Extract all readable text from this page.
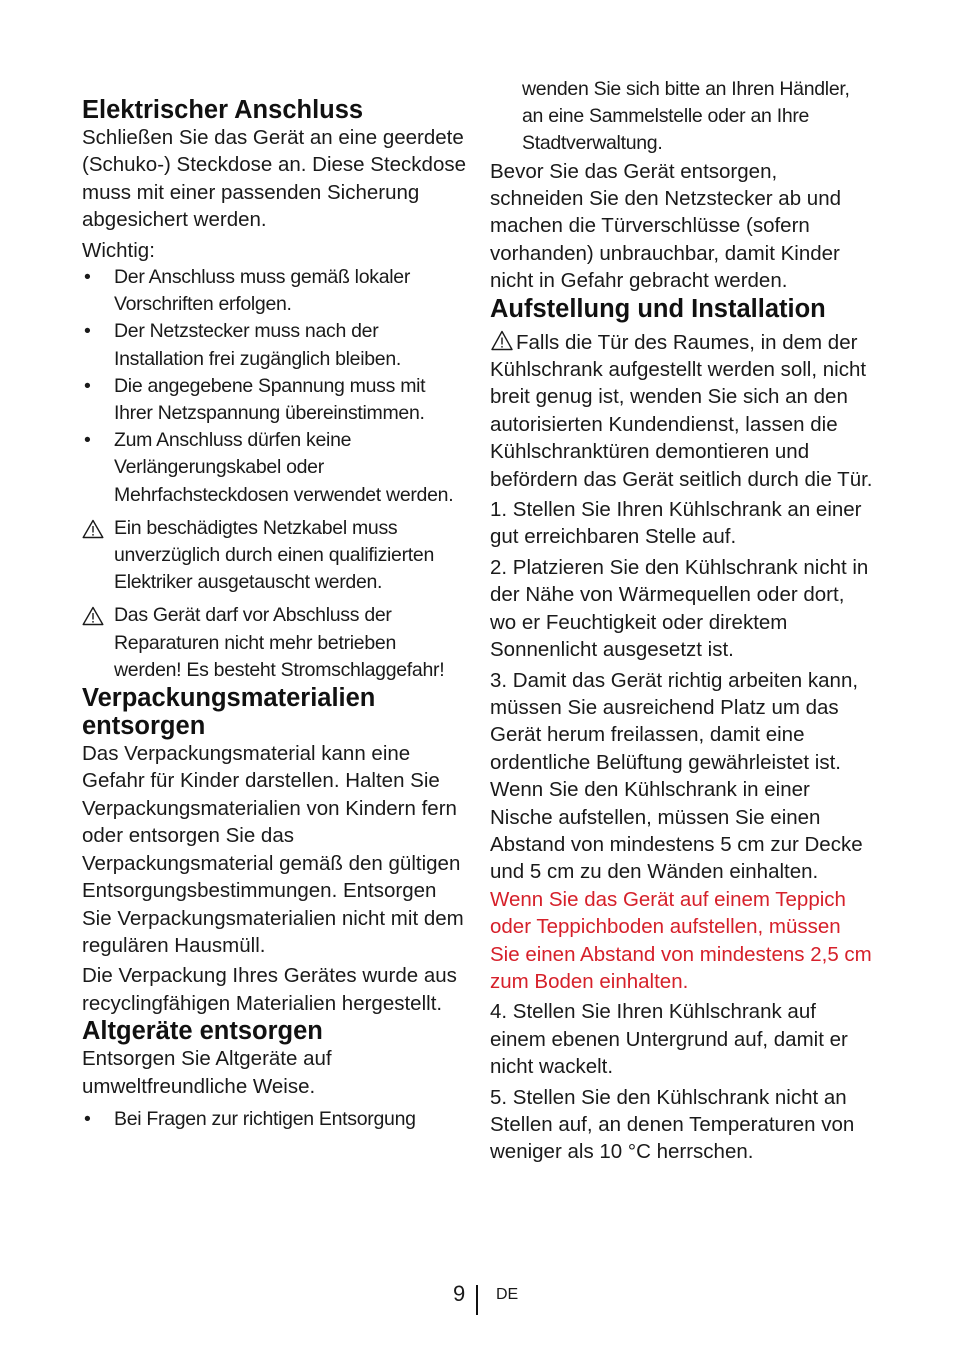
Elektrischer Anschluss

Schließen Sie das Gerät an eine geerdete (Schuko-) Steckdose an. Diese Steckdose muss mit einer passenden Sicherung abgesichert werden.

Wichtig:

• Der Anschluss muss gemäß lokaler Vorschriften erfolgen.
• Der Netzstecker muss nach der Installation frei zugänglich bleiben.
• Die angegebene Spannung muss mit Ihrer Netzspannung übereinstimmen.
• Zum Anschluss dürfen keine Verlängerungskabel oder Mehrfachsteckdosen verwendet werden.
Ein beschädigtes Netzkabel muss unverzüglich durch einen qualifizierten Elektriker ausgetauscht werden.
Das Gerät darf vor Abschluss der Reparaturen nicht mehr betrieben werden! Es besteht Stromschlaggefahr!
Verpackungsmaterialien entsorgen

Das Verpackungsmaterial kann eine Gefahr für Kinder darstellen. Halten Sie Verpackungsmaterialien von Kindern fern oder entsorgen Sie das Verpackungsmaterial gemäß den gültigen Entsorgungsbestimmungen. Entsorgen Sie Verpackungsmaterialien nicht mit dem regulären Hausmüll.

Die Verpackung Ihres Gerätes wurde aus recyclingfähigen Materialien hergestellt.

Altgeräte entsorgen

Entsorgen Sie Altgeräte auf umweltfreundliche Weise.

• Bei Fragen zur richtigen Entsorgung

wenden Sie sich bitte an Ihren Händler, an eine Sammelstelle oder an Ihre Stadtverwaltung.

Bevor Sie das Gerät entsorgen, schneiden Sie den Netzstecker ab und machen die Türverschlüsse (sofern vorhanden) unbrauchbar, damit Kinder nicht in Gefahr gebracht werden.

Aufstellung und Installation

Falls die Tür des Raumes, in dem der Kühlschrank aufgestellt werden soll, nicht breit genug ist, wenden Sie sich an den autorisierten Kundendienst, lassen die Kühlschranktüren demontieren und befördern das Gerät seitlich durch die Tür.

1. Stellen Sie Ihren Kühlschrank an einer gut erreichbaren Stelle auf.

2. Platzieren Sie den Kühlschrank nicht in der Nähe von Wärmequellen oder dort, wo er Feuchtigkeit oder direktem Sonnenlicht ausgesetzt ist.

3. Damit das Gerät richtig arbeiten kann, müssen Sie ausreichend Platz um das Gerät herum freilassen, damit eine ordentliche Belüftung gewährleistet ist. Wenn Sie den Kühlschrank in einer Nische aufstellen, müssen Sie einen Abstand von mindestens 5 cm zur Decke und 5 cm zu den Wänden einhalten. Wenn Sie das Gerät auf einem Teppich oder Teppichboden aufstellen, müssen Sie einen Abstand von mindestens 2,5 cm zum Boden einhalten.

4. Stellen Sie Ihren Kühlschrank auf einem ebenen Untergrund auf, damit er nicht wackelt.

5. Stellen Sie den Kühlschrank nicht an Stellen auf, an denen Temperaturen von weniger als 10 °C herrschen.

9 DE
